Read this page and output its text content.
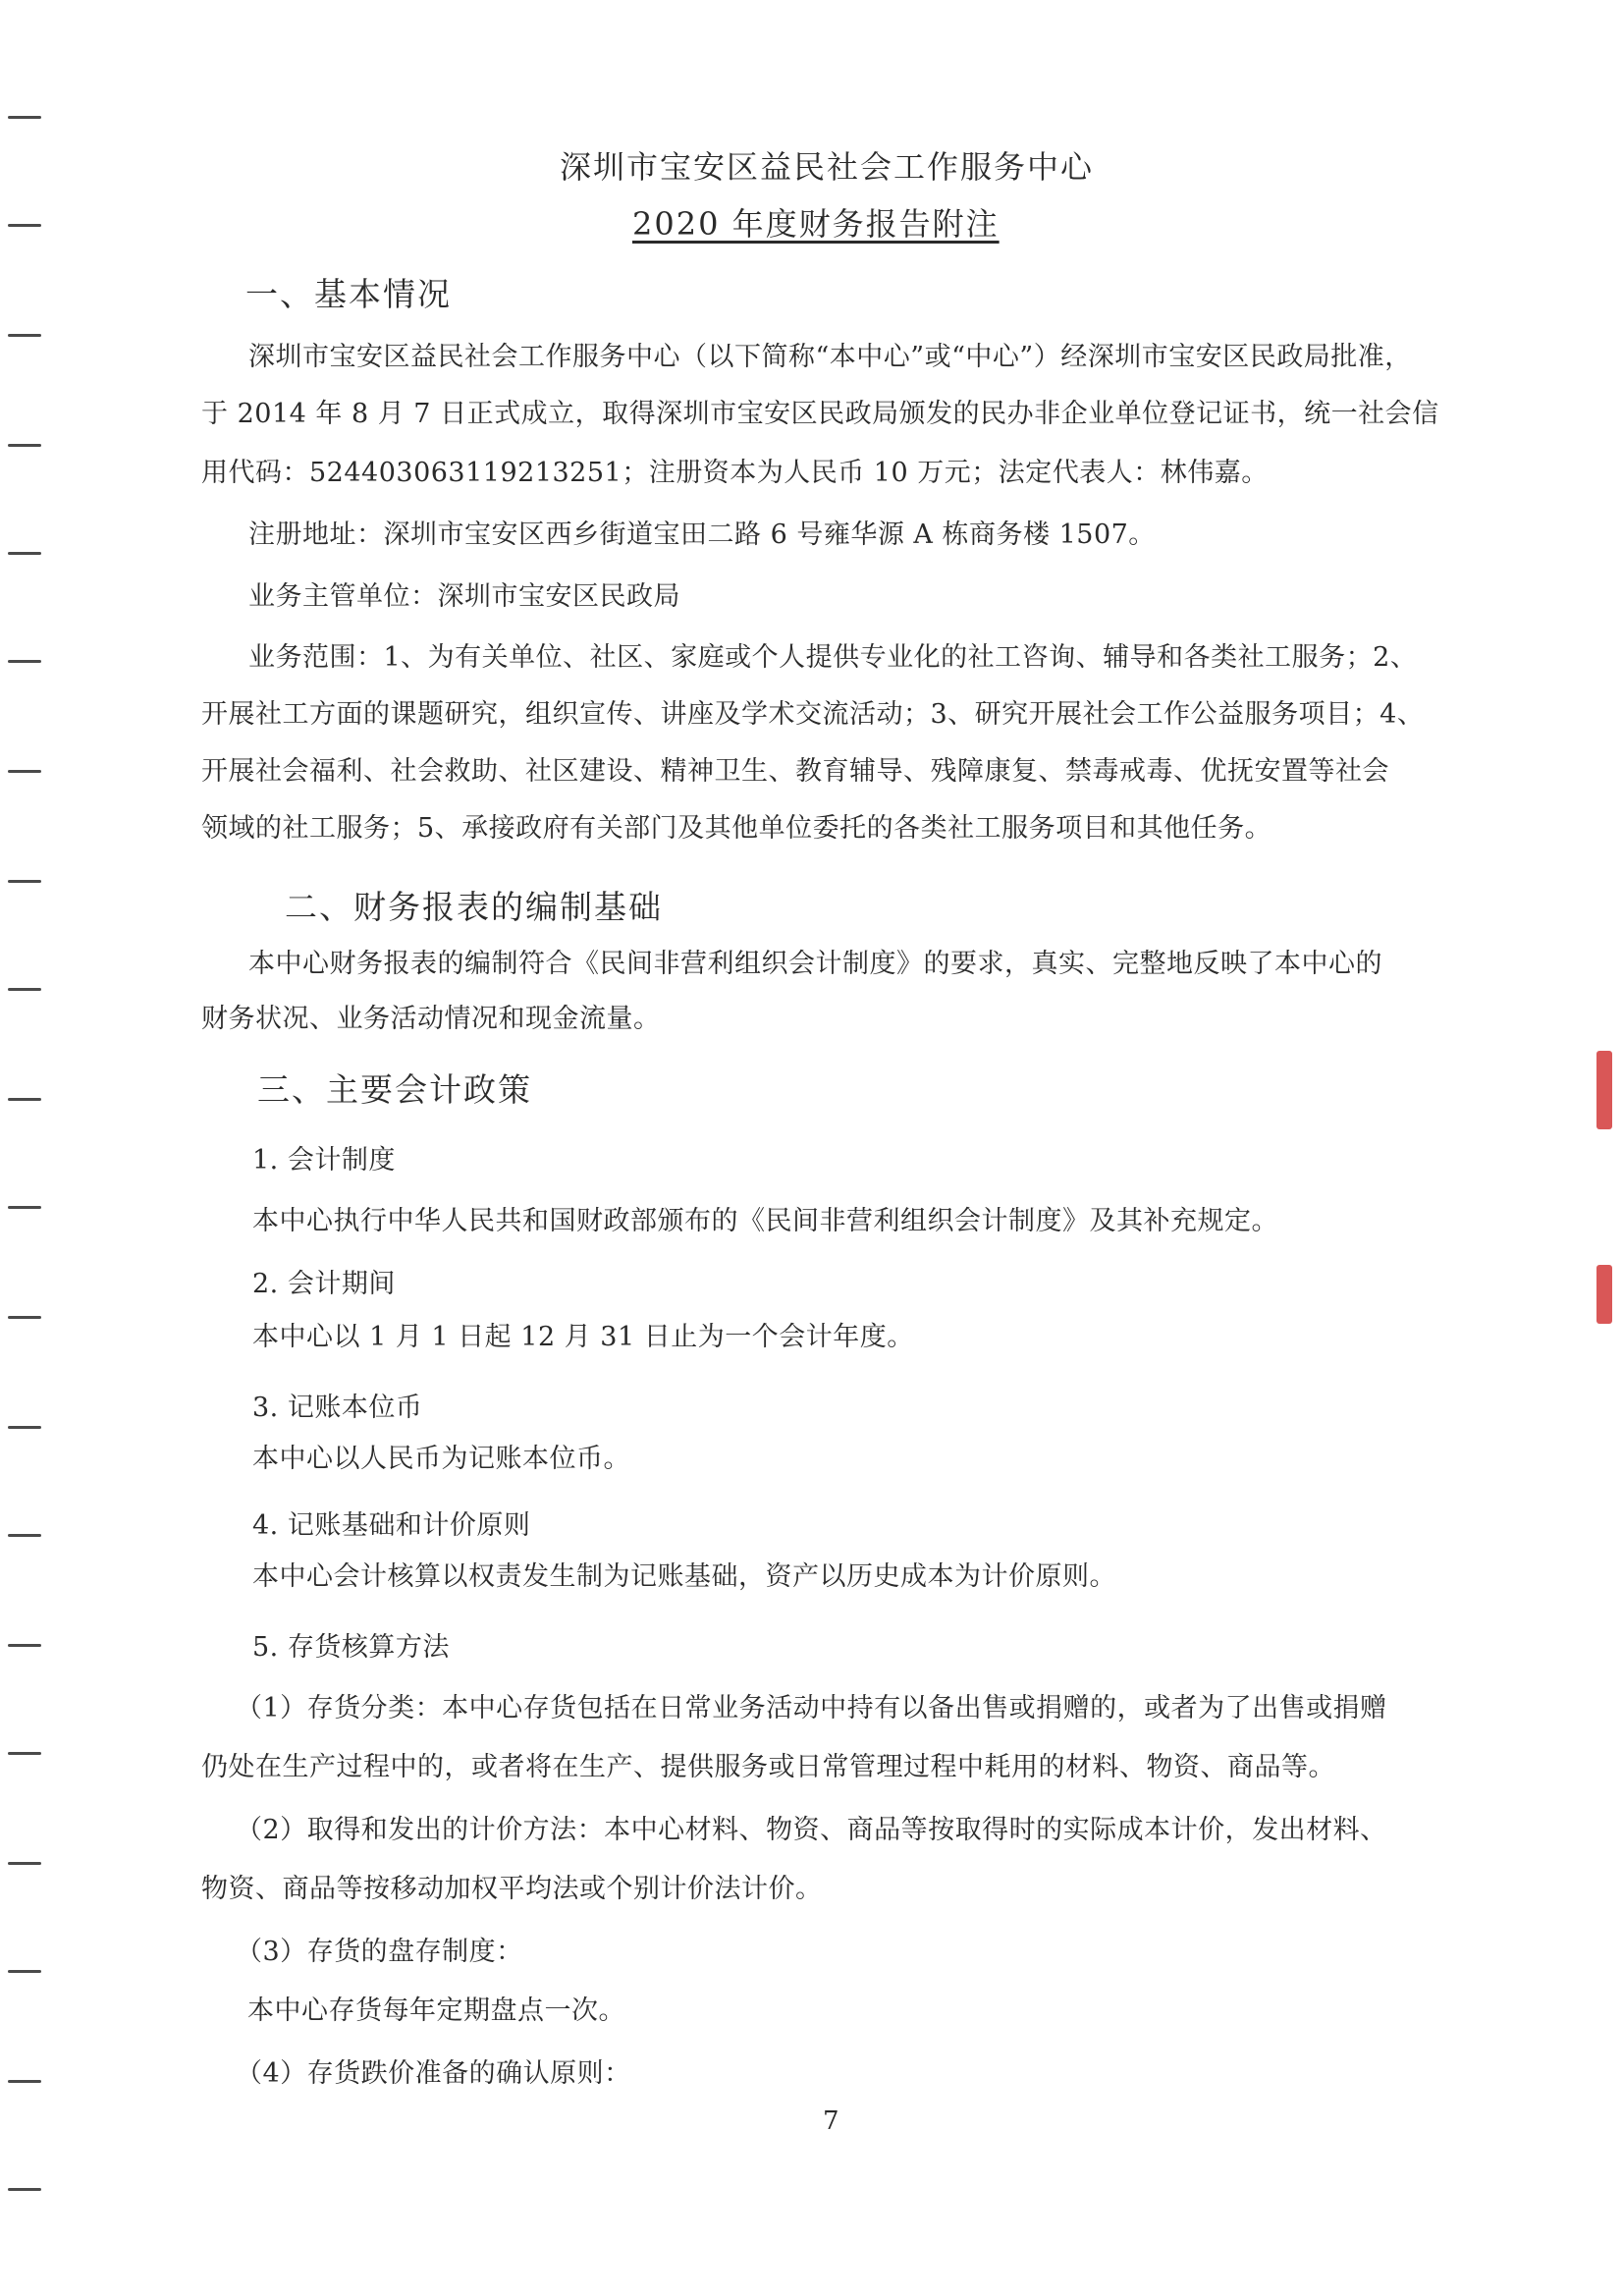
深圳市宝安区益民社会工作服务中心
2020 年度财务报告附注
一、基本情况
深圳市宝安区益民社会工作服务中心（以下简称“本中心”或“中心”）经深圳市宝安区民政局批准，
于 2014 年 8 月 7 日正式成立，取得深圳市宝安区民政局颁发的民办非企业单位登记证书，统一社会信
用代码：524403063119213251；注册资本为人民币 10 万元；法定代表人：林伟嘉。
注册地址：深圳市宝安区西乡街道宝田二路 6 号雍华源 A 栋商务楼 1507。
业务主管单位：深圳市宝安区民政局
业务范围：1、为有关单位、社区、家庭或个人提供专业化的社工咨询、辅导和各类社工服务；2、
开展社工方面的课题研究，组织宣传、讲座及学术交流活动；3、研究开展社会工作公益服务项目；4、
开展社会福利、社会救助、社区建设、精神卫生、教育辅导、残障康复、禁毒戒毒、优抚安置等社会
领域的社工服务；5、承接政府有关部门及其他单位委托的各类社工服务项目和其他任务。
二、财务报表的编制基础
本中心财务报表的编制符合《民间非营利组织会计制度》的要求，真实、完整地反映了本中心的
财务状况、业务活动情况和现金流量。
三、主要会计政策
1. 会计制度
本中心执行中华人民共和国财政部颁布的《民间非营利组织会计制度》及其补充规定。
2. 会计期间
本中心以 1 月 1 日起 12 月 31 日止为一个会计年度。
3. 记账本位币
本中心以人民币为记账本位币。
4. 记账基础和计价原则
本中心会计核算以权责发生制为记账基础，资产以历史成本为计价原则。
5. 存货核算方法
（1）存货分类：本中心存货包括在日常业务活动中持有以备出售或捐赠的，或者为了出售或捐赠
仍处在生产过程中的，或者将在生产、提供服务或日常管理过程中耗用的材料、物资、商品等。
（2）取得和发出的计价方法：本中心材料、物资、商品等按取得时的实际成本计价，发出材料、
物资、商品等按移动加权平均法或个别计价法计价。
（3）存货的盘存制度：
本中心存货每年定期盘点一次。
（4）存货跌价准备的确认原则：
7
